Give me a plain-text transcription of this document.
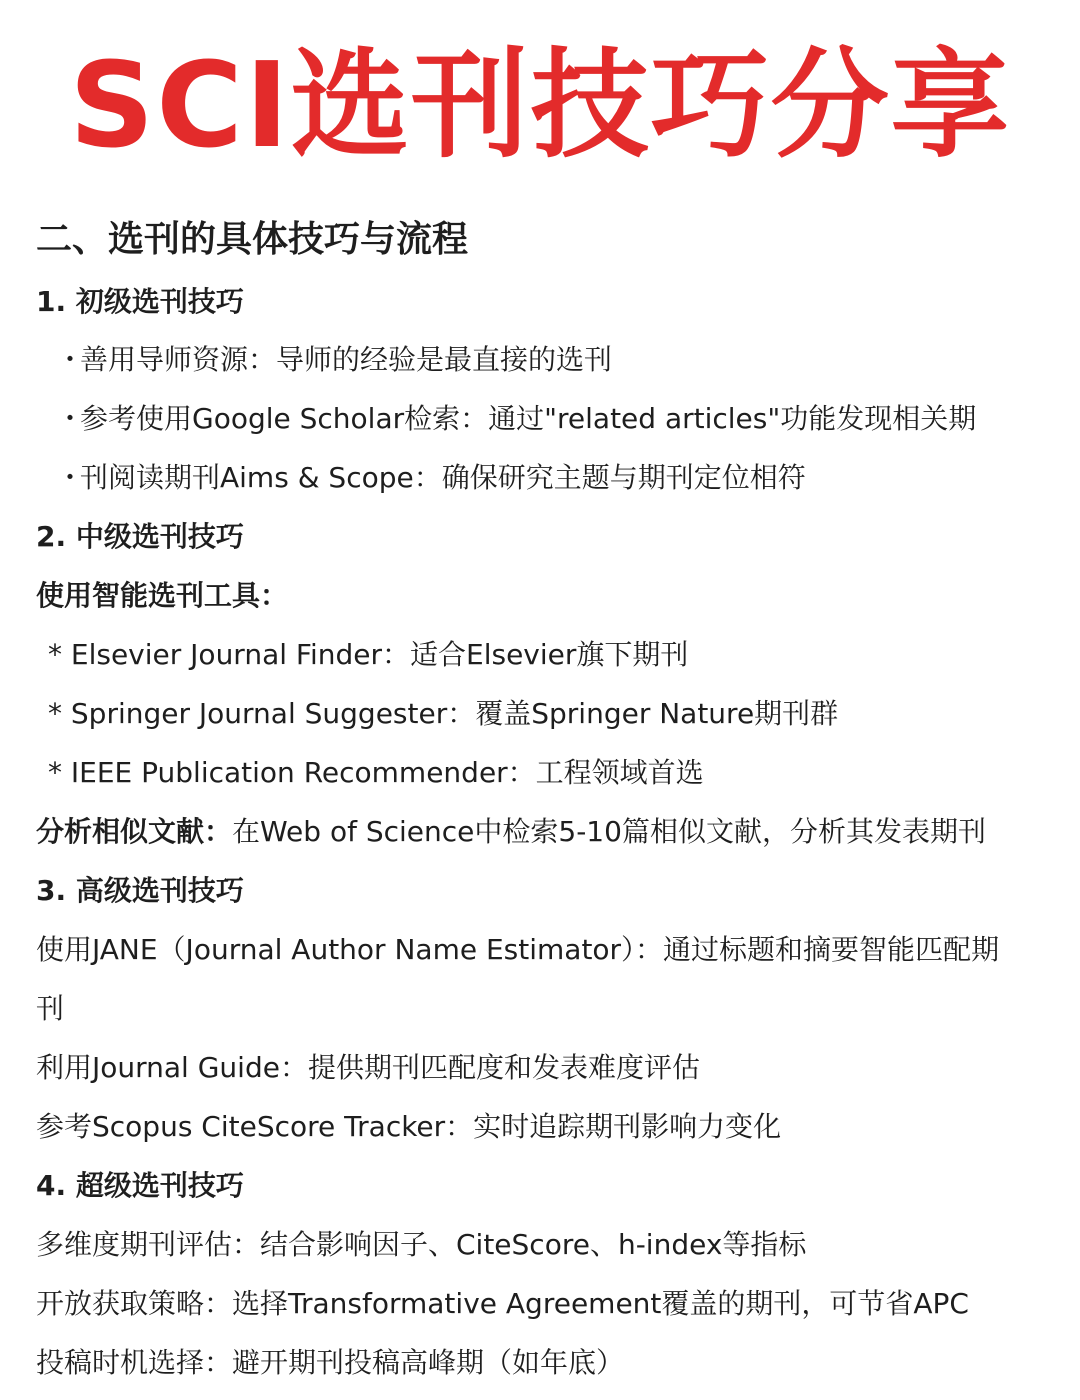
SCI选刊技巧分享
二、选刊的具体技巧与流程
1. 初级选刊技巧
・
善用导师资源：导师的经验是最直接的选刊
・
参考使用Google Scholar检索：通过"related articles"功能发现相关期
・
刊阅读期刊Aims & Scope：确保研究主题与期刊定位相符
2. 中级选刊技巧
使用智能选刊工具：
* Elsevier Journal Finder：适合Elsevier旗下期刊
* Springer Journal Suggester：覆盖Springer Nature期刊群
* IEEE Publication Recommender：工程领域首选
分析相似文献：在Web of Science中检索5-10篇相似文献，分析其发表期刊
3. 高级选刊技巧
使用JANE（Journal Author Name Estimator）：通过标题和摘要智能匹配期
刊
利用Journal Guide：提供期刊匹配度和发表难度评估
参考Scopus CiteScore Tracker：实时追踪期刊影响力变化
4. 超级选刊技巧
多维度期刊评估：结合影响因子、CiteScore、h-index等指标
开放获取策略：选择Transformative Agreement覆盖的期刊，可节省APC
投稿时机选择：避开期刊投稿高峰期（如年底）
